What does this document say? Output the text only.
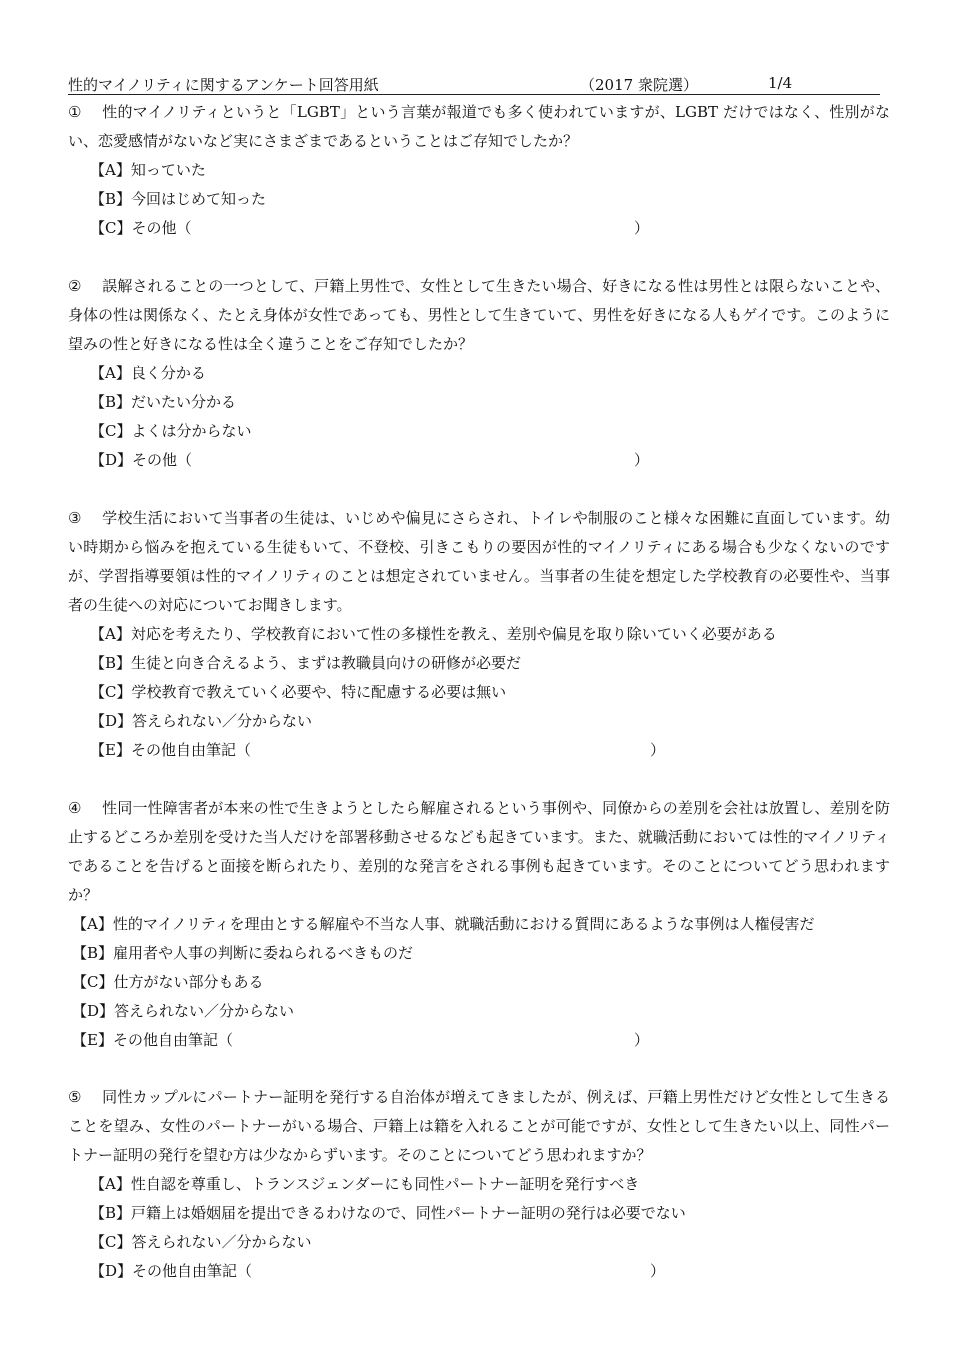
性的マイノリティに関するアンケート回答用紙	（2017 衆院選）	1/4
① 性的マイノリティというと「LGBT」という言葉が報道でも多く使われていますが、LGBT だけではなく、性別がない、恋愛感情がないなど実にさまざまであるということはご存知でしたか？
【A】知っていた
【B】今回はじめて知った
【C】その他（	）
② 誤解されることの一つとして、戸籍上男性で、女性として生きたい場合、好きになる性は男性とは限らないことや、身体の性は関係なく、たとえ身体が女性であっても、男性として生きていて、男性を好きになる人もゲイです。このように望みの性と好きになる性は全く違うことをご存知でしたか？
【A】良く分かる
【B】だいたい分かる
【C】よくは分からない
【D】その他（	）
③ 学校生活において当事者の生徒は、いじめや偏見にさらされ、トイレや制服のこと様々な困難に直面しています。幼い時期から悩みを抱えている生徒もいて、不登校、引きこもりの要因が性的マイノリティにある場合も少なくないのですが、学習指導要領は性的マイノリティのことは想定されていません。当事者の生徒を想定した学校教育の必要性や、当事者の生徒への対応についてお聞きします。
【A】対応を考えたり、学校教育において性の多様性を教え、差別や偏見を取り除いていく必要がある
【B】生徒と向き合えるよう、まずは教職員向けの研修が必要だ
【C】学校教育で教えていく必要や、特に配慮する必要は無い
【D】答えられない／分からない
【E】その他自由筆記（	）
④ 性同一性障害者が本来の性で生きようとしたら解雇されるという事例や、同僚からの差別を会社は放置し、差別を防止するどころか差別を受けた当人だけを部署移動させるなども起きています。また、就職活動においては性的マイノリティであることを告げると面接を断られたり、差別的な発言をされる事例も起きています。そのことについてどう思われますか？
【A】性的マイノリティを理由とする解雇や不当な人事、就職活動における質問にあるような事例は人権侵害だ
【B】雇用者や人事の判断に委ねられるべきものだ
【C】仕方がない部分もある
【D】答えられない／分からない
【E】その他自由筆記（	）
⑤ 同性カップルにパートナー証明を発行する自治体が増えてきましたが、例えば、戸籍上男性だけど女性として生きることを望み、女性のパートナーがいる場合、戸籍上は籍を入れることが可能ですが、女性として生きたい以上、同性パートナー証明の発行を望む方は少なからずいます。そのことについてどう思われますか？
【A】性自認を尊重し、トランスジェンダーにも同性パートナー証明を発行すべき
【B】戸籍上は婚姻届を提出できるわけなので、同性パートナー証明の発行は必要でない
【C】答えられない／分からない
【D】その他自由筆記（	）
